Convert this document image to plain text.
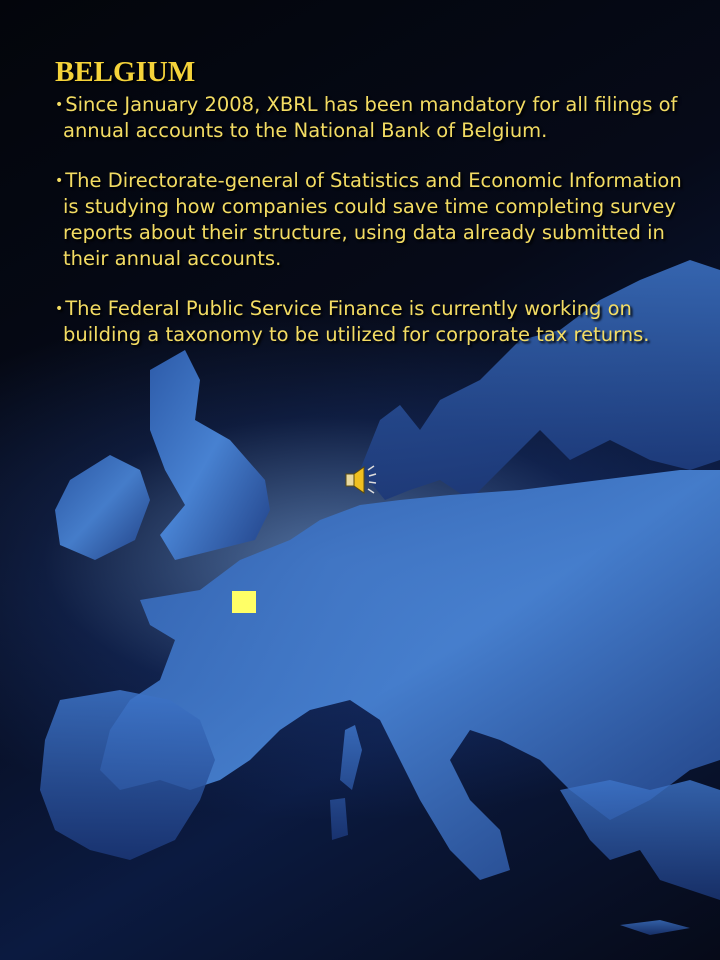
BELGIUM
• Since January 2008, XBRL has been mandatory for all filings of annual accounts to the National Bank of Belgium.
• The Directorate-general of Statistics and Economic Information is studying how companies could save time completing survey reports about their structure, using data already submitted in their annual accounts.
• The Federal Public Service Finance is currently working on building a taxonomy to be utilized for corporate tax returns.
